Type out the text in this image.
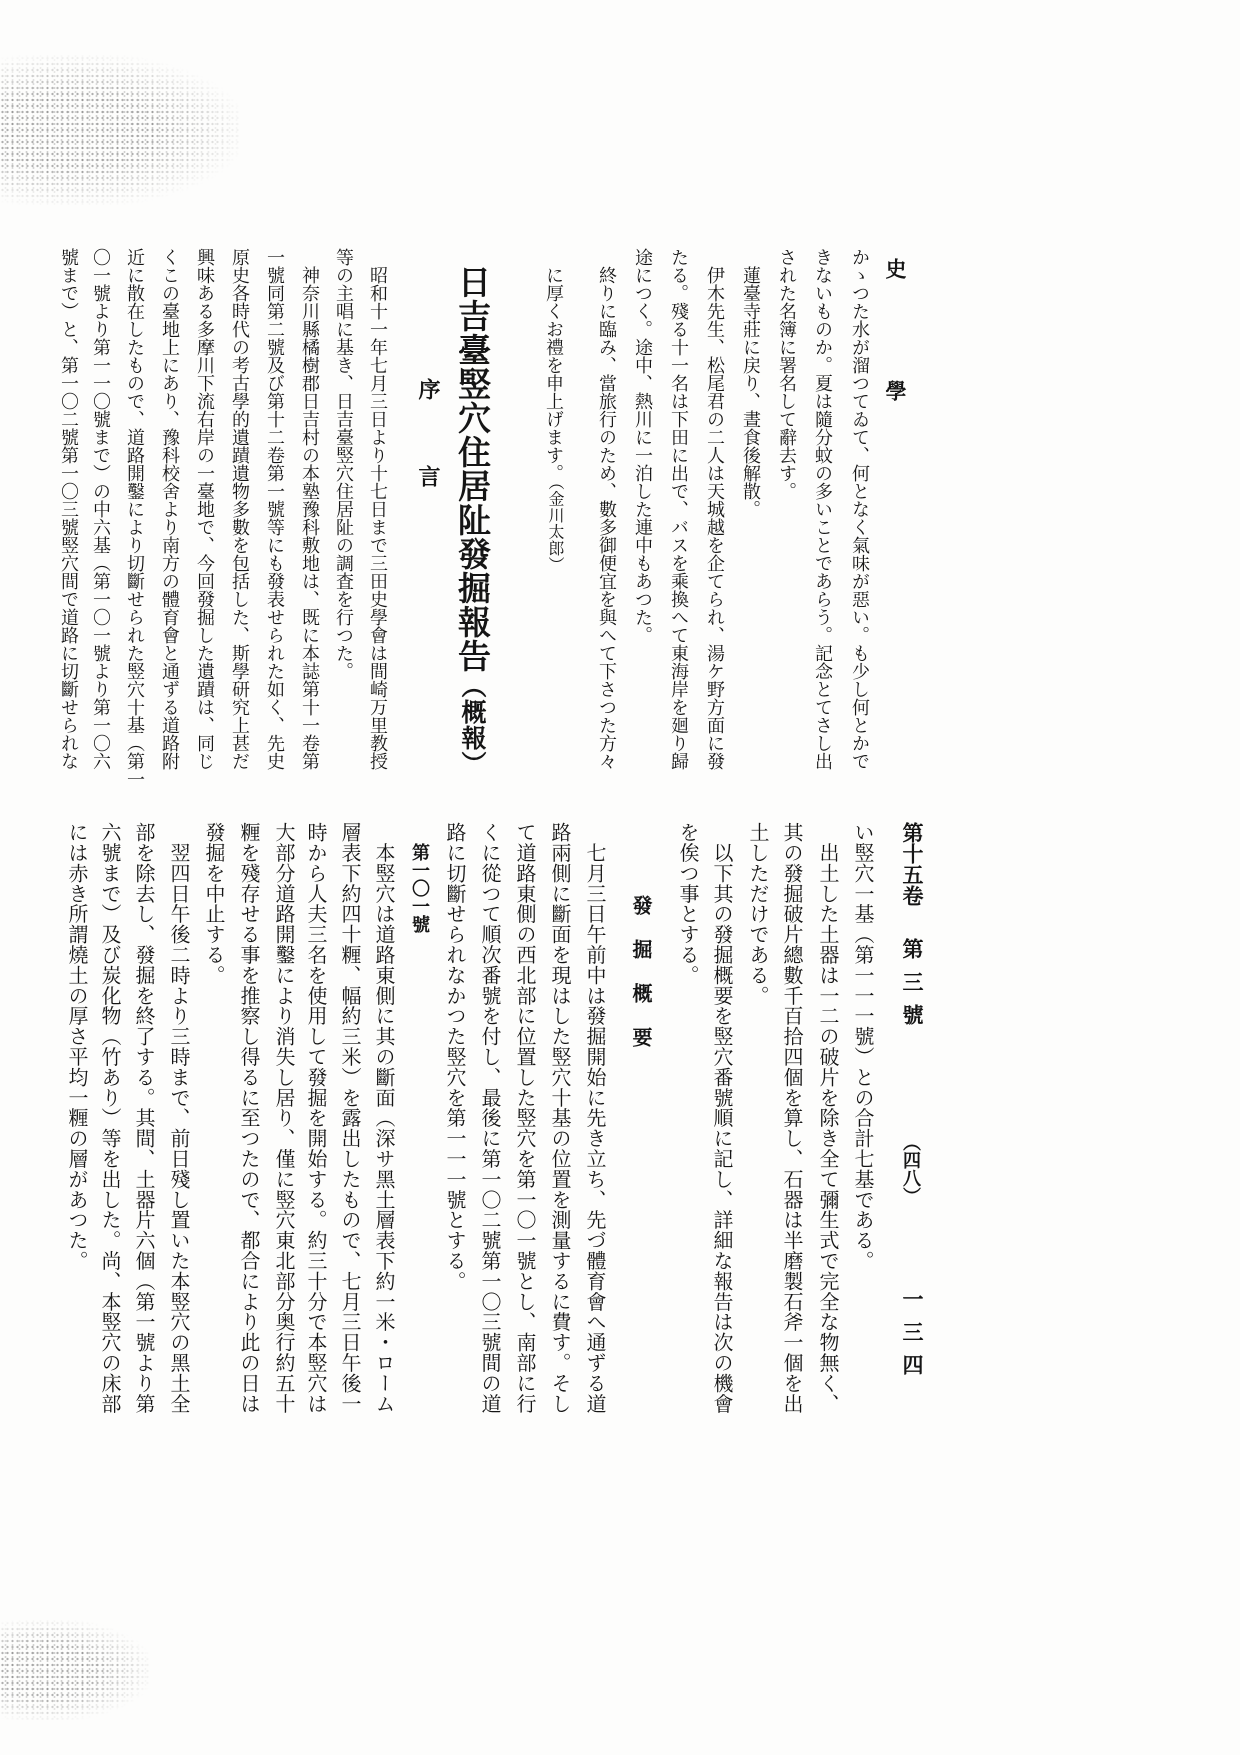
史　學
かゝつた水が溜つてゐて、何となく氣味が惡い。も少し何とかで
きないものか。夏は隨分蚊の多いことであらう。記念とてさし出
された名簿に署名して辭去す。
　蓮臺寺莊に戻り、晝食後解散。
　伊木先生、松尾君の二人は天城越を企てられ、湯ケ野方面に發
たる。殘る十一名は下田に出で、バスを乘換へて東海岸を廻り歸
途につく。途中、熱川に一泊した連中もあつた。
　終りに臨み、當旅行のため、數多御便宜を與へて下さつた方々

に厚くお禮を申上げます。（金川太郎）

日吉臺竪穴住居阯發掘報告（概報）

序　　言
　昭和十一年七月三日より十七日まで三田史學會は間崎万里教授
等の主唱に基き、日吉臺竪穴住居阯の調査を行つた。
　神奈川縣橘樹郡日吉村の本塾豫科敷地は、既に本誌第十一卷第
一號同第二號及び第十二卷第一號等にも發表せられた如く、先史
原史各時代の考古學的遺蹟遺物多數を包括した、斯學研究上甚だ
興味ある多摩川下流右岸の一臺地で、今回發掘した遺蹟は、同じ
くこの臺地上にあり、豫科校舍より南方の體育會と通ずる道路附
近に散在したもので、道路開鑿により切斷せられた竪穴十基（第一
〇一號より第一一〇號まで）の中六基（第一〇一號より第一〇六
號まで）と、第一〇二號第一〇三號竪穴間で道路に切斷せられな
第十五卷
第三號
（四八）
一三四
い竪穴一基（第一一一號）との合計七基である。
　出土した土器は一二の破片を除き全て彌生式で完全な物無く、
其の發掘破片總數千百拾四個を算し、石器は半磨製石斧一個を出
土しただけである。
　以下其の發掘概要を竪穴番號順に記し、詳細な報告は次の機會
を俟つ事とする。
發　掘　概　要
　七月三日午前中は發掘開始に先き立ち、先づ體育會へ通ずる道
路兩側に斷面を現はした竪穴十基の位置を測量するに費す。そし
て道路東側の西北部に位置した竪穴を第一〇一號とし、南部に行
くに從つて順次番號を付し、最後に第一〇二號第一〇三號間の道
路に切斷せられなかつた竪穴を第一一一號とする。
第一〇一號
　本竪穴は道路東側に其の斷面（深サ黑土層表下約一米・ローム
層表下約四十糎、幅約三米）を露出したもので、七月三日午後一
時から人夫三名を使用して發掘を開始する。約三十分で本竪穴は
大部分道路開鑿により消失し居り、僅に竪穴東北部分奥行約五十
糎を殘存せる事を推察し得るに至つたので、都合により此の日は
發掘を中止する。
　翌四日午後二時より三時まで、前日殘し置いた本竪穴の黑土全
部を除去し、發掘を終了する。其間、土器片六個（第一號より第
六號まで）及び炭化物（竹あり）等を出した。尚、本竪穴の床部
には赤き所謂燒土の厚さ平均一糎の層があつた。
